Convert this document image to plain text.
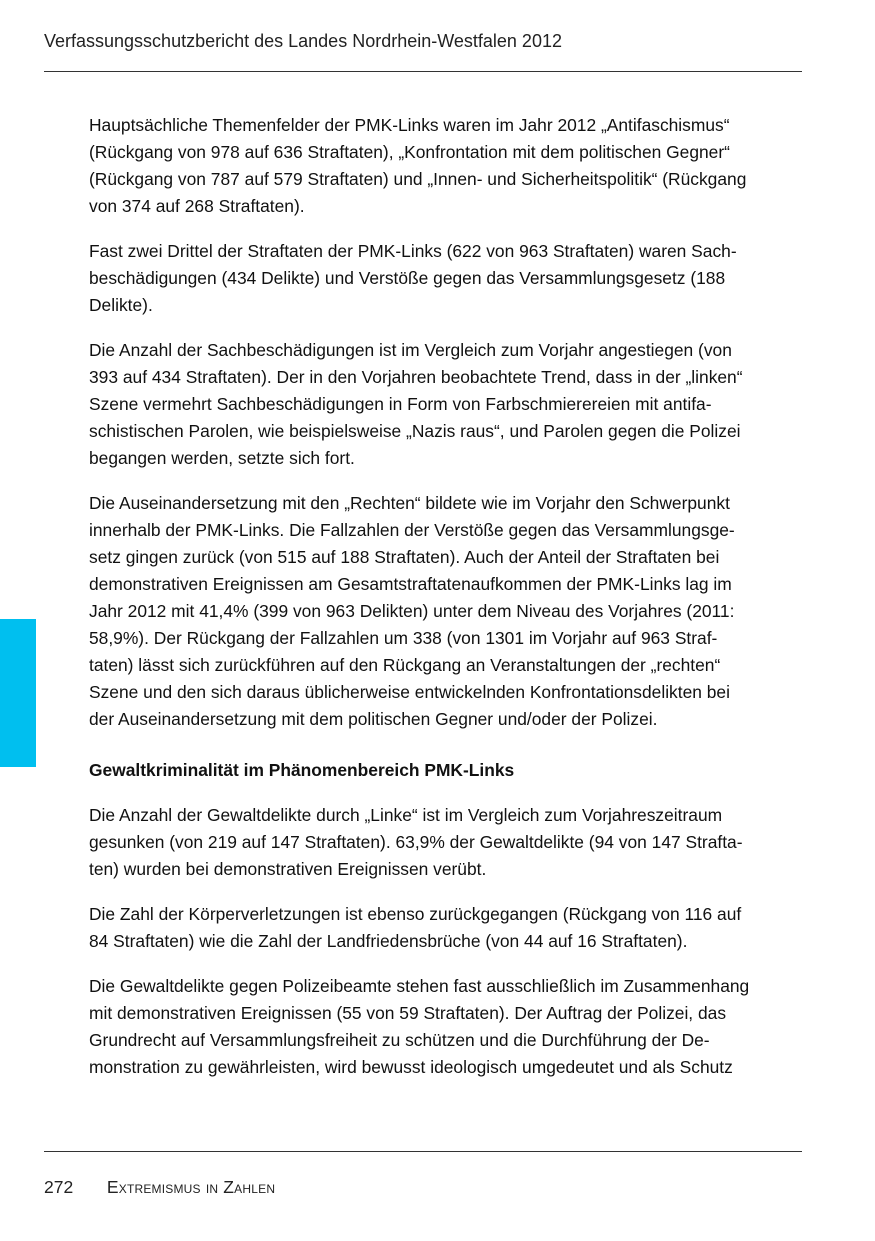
Verfassungsschutzbericht des Landes Nordrhein-Westfalen 2012

Hauptsächliche Themenfelder der PMK-Links waren im Jahr 2012 „Antifaschismus“
(Rückgang von 978 auf 636 Straftaten), „Konfrontation mit dem politischen Gegner“
(Rückgang von 787 auf 579 Straftaten) und „Innen- und Sicherheitspolitik“ (Rückgang
von 374 auf 268 Straftaten).

Fast zwei Drittel der Straftaten der PMK-Links (622 von 963 Straftaten) waren Sach-
beschädigungen (434 Delikte) und Verstöße gegen das Versammlungsgesetz (188
Delikte).

Die Anzahl der Sachbeschädigungen ist im Vergleich zum Vorjahr angestiegen (von
393 auf 434 Straftaten). Der in den Vorjahren beobachtete Trend, dass in der „linken“
Szene vermehrt Sachbeschädigungen in Form von Farbschmierereien mit antifa-
schistischen Parolen, wie beispielsweise „Nazis raus“, und Parolen gegen die Polizei
begangen werden, setzte sich fort.

Die Auseinandersetzung mit den „Rechten“ bildete wie im Vorjahr den Schwerpunkt
innerhalb der PMK-Links. Die Fallzahlen der Verstöße gegen das Versammlungsge-
setz gingen zurück (von 515 auf 188 Straftaten). Auch der Anteil der Straftaten bei
demonstrativen Ereignissen am Gesamtstraftatenaufkommen der PMK-Links lag im
Jahr 2012 mit 41,4% (399 von 963 Delikten) unter dem Niveau des Vorjahres (2011:
58,9%). Der Rückgang der Fallzahlen um 338 (von 1301 im Vorjahr auf 963 Straf-
taten) lässt sich zurückführen auf den Rückgang an Veranstaltungen der „rechten“
Szene und den sich daraus üblicherweise entwickelnden Konfrontationsdelikten bei
der Auseinandersetzung mit dem politischen Gegner und/oder der Polizei.

Gewaltkriminalität im Phänomenbereich PMK-Links

Die Anzahl der Gewaltdelikte durch „Linke“ ist im Vergleich zum Vorjahreszeitraum
gesunken (von 219 auf 147 Straftaten). 63,9% der Gewaltdelikte (94 von 147 Strafta-
ten) wurden bei demonstrativen Ereignissen verübt.

Die Zahl der Körperverletzungen ist ebenso zurückgegangen (Rückgang von 116 auf
84 Straftaten) wie die Zahl der Landfriedensbrüche (von 44 auf 16 Straftaten).

Die Gewaltdelikte gegen Polizeibeamte stehen fast ausschließlich im Zusammenhang
mit demonstrativen Ereignissen (55 von 59 Straftaten). Der Auftrag der Polizei, das
Grundrecht auf Versammlungsfreiheit zu schützen und die Durchführung der De-
monstration zu gewährleisten, wird bewusst ideologisch umgedeutet und als Schutz

272 Extremismus in Zahlen
